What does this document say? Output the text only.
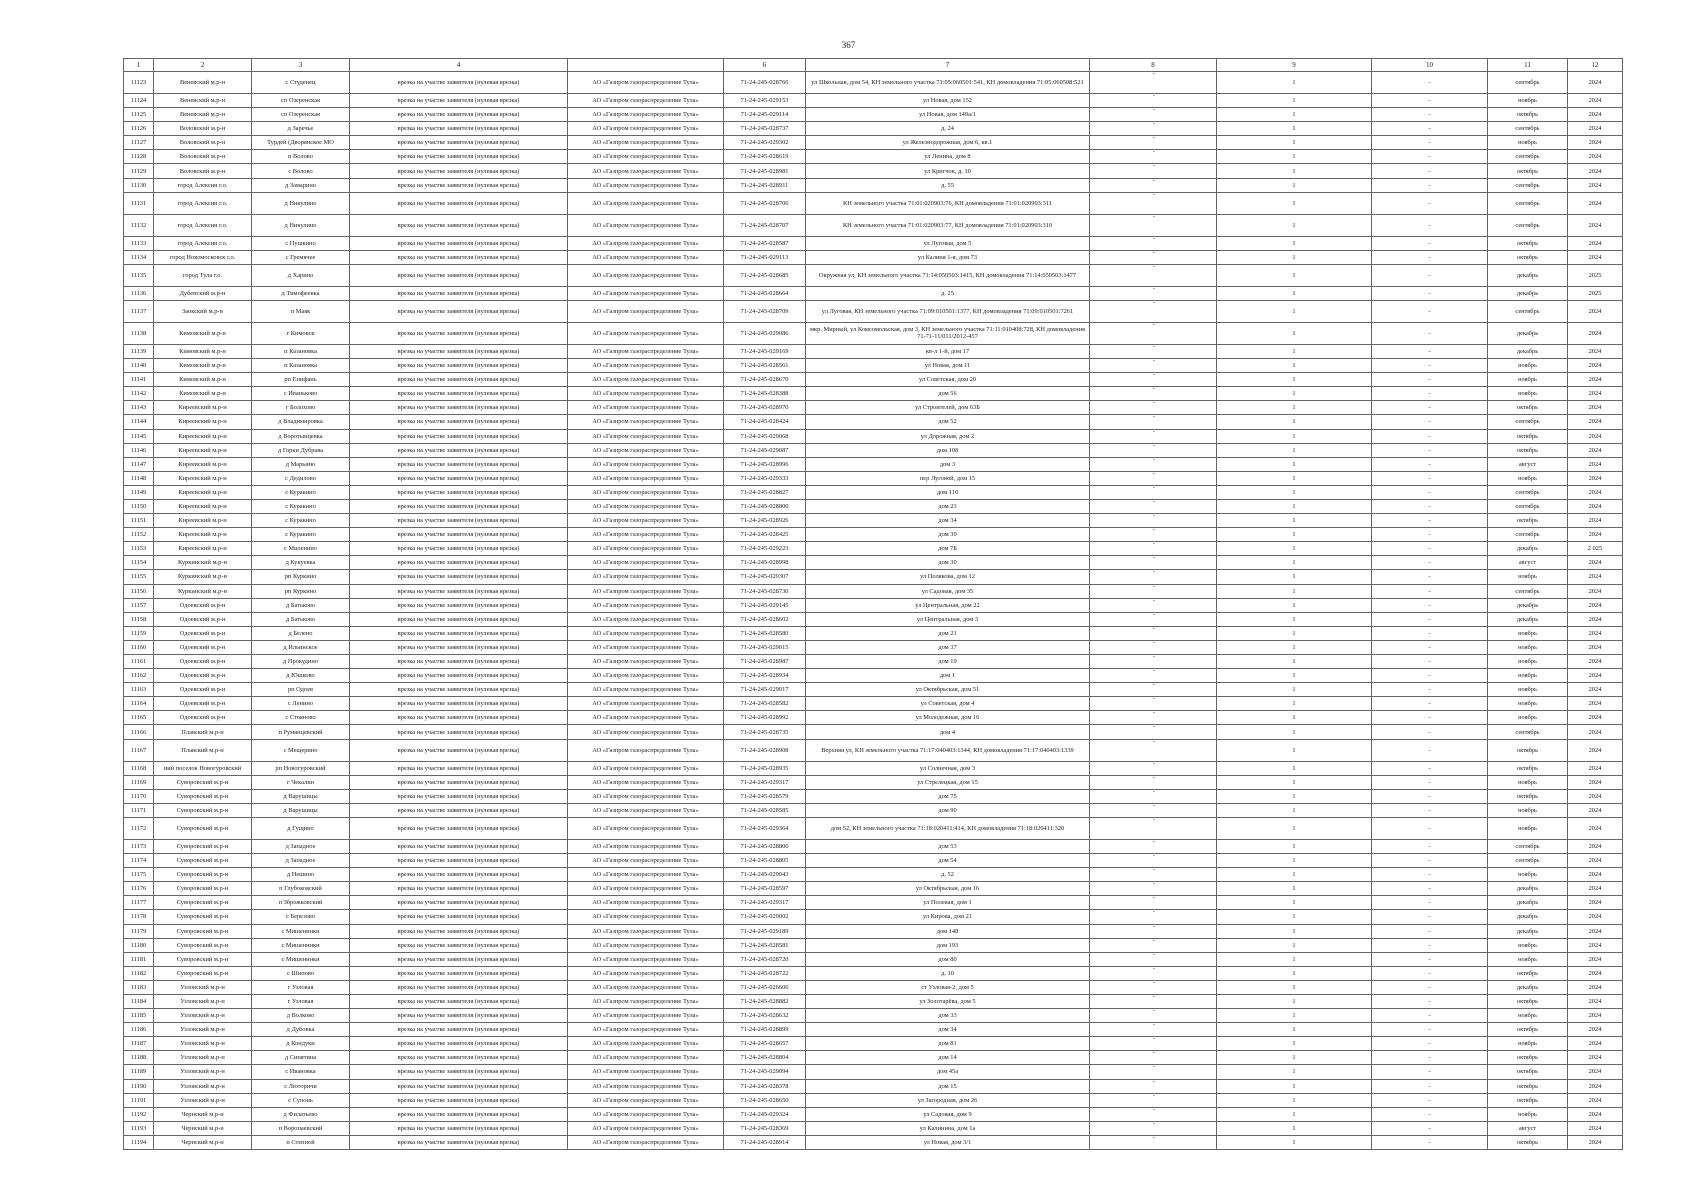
367
1	2	3	4		6	7	8	9	10	11	12
11123	Веневский м.р-н	с Студенец	врезка на участке заявителя (нулевая врезка)	АО «Газпром газораспределение Тула»	71-24-245-028766	ул Школьная, дом 54, КН земельного участка 71:05:060501:541, КН домовладения 71:05:060508:521	-	1	-	сентябрь	2024
11124	Веневский м.р-н	сп Озеренская	врезка на участке заявителя (нулевая врезка)	АО «Газпром газораспределение Тула»	71-24-245-029153	ул Новая, дом 152	-	1	-	ноябрь	2024
11125	Веневский м.р-н	сп Озеренская	врезка на участке заявителя (нулевая врезка)	АО «Газпром газораспределение Тула»	71-24-245-029114	ул Новая, дом 149а/1	-	1	-	октябрь	2024
11126	Воловский м.р-н	д Заречье	врезка на участке заявителя (нулевая врезка)	АО «Газпром газораспределение Тула»	71-24-245-028737	д. 24	-	1	-	сентябрь	2024
11127	Воловский м.р-н	Турдей (Дворянское МО	врезка на участке заявителя (нулевая врезка)	АО «Газпром газораспределение Тула»	71-24-245-029302	ул Железнодорожная, дом 6, кв.1	-	1	-	ноябрь	2024
11128	Воловский м.р-н	п Волово	врезка на участке заявителя (нулевая врезка)	АО «Газпром газораспределение Тула»	71-24-245-028619	ул Ленина, дом 8	-	1	-	сентябрь	2024
11129	Воловский м.р-н	с Волово	врезка на участке заявителя (нулевая врезка)	АО «Газпром газораспределение Тула»	71-24-245-028981	ул Кригчок, д. 10	-	1	-	октябрь	2024
11130	город Алексин г.о.	д Замарино	врезка на участке заявителя (нулевая врезка)	АО «Газпром газораспределение Тула»	71-24-245-028911	д. 55	-	1	-	сентябрь	2024
11131	город Алексин г.о.	д Никулино	врезка на участке заявителя (нулевая врезка)	АО «Газпром газораспределение Тула»	71-24-245-028706	КН земельного участка 71:01:020903:76, КН домовладения 71:01:020903:311	-	1	-	сентябрь	2024
11132	город Алексин г.о.	д Никулино	врезка на участке заявителя (нулевая врезка)	АО «Газпром газораспределение Тула»	71-24-245-028707	КН земельного участка 71:01:020903:77, КН домовладения 71:01:020903:310	-	1	-	сентябрь	2024
11133	город Алексин г.о.	с Пушкино	врезка на участке заявителя (нулевая врезка)	АО «Газпром газораспределение Тула»	71-24-245-028587	ул Луговая, дом 5	-	1	-	октябрь	2024
11134	город Новомосковск г.о.	с Гремячее	врезка на участке заявителя (нулевая врезка)	АО «Газпром газораспределение Тула»	71-24-245-029113	ул Калиня 1-я, дом 73	-	1	-	октябрь	2024
11135	город Тула г.о.	д Харино	врезка на участке заявителя (нулевая врезка)	АО «Газпром газораспределение Тула»	71-24-245-028685	Окружная ул, КН земельного участка 71:14:050503:1415, КН домовладения 71:14:050503:1477	-	1	-	декабрь	2025
11136	Дубенский м.р-н	д Тимофеевка	врезка на участке заявителя (нулевая врезка)	АО «Газпром газораспределение Тула»	71-24-245-028664	д. 25	-	1	-	декабрь	2025
11137	Заокский м.р-н	п Маяк	врезка на участке заявителя (нулевая врезка)	АО «Газпром газораспределение Тула»	71-24-245-028709	ул Луговая, КН земельного участка 71:09:010501:1377, КН домовладения 71:09:010501:7261	-	1	-	сентябрь	2024
11138	Кимовский м.р-н	г Кимовск	врезка на участке заявителя (нулевая врезка)	АО «Газпром газораспределение Тула»	71-24-245-029086	мкр. Мирный, ул Комсомольская, дом 3, КН земельного участка 71:11:010408:728, КН домовладения 71-71-11/011/2012-457	-	1	-	декабрь	2024
11139	Кимовский м.р-н	п Казановка	врезка на участке заявителя (нулевая врезка)	АО «Газпром газораспределение Тула»	71-24-245-029169	кв-л 1-й, дом 17	-	1	-	декабрь	2024
11140	Кимовский м.р-н	п Казановка	врезка на участке заявителя (нулевая врезка)	АО «Газпром газораспределение Тула»	71-24-245-028561	ул Новая, дом 11	-	1	-	ноябрь	2024
11141	Кимовский м.р-н	рп Епифань	врезка на участке заявителя (нулевая врезка)	АО «Газпром газораспределение Тула»	71-24-245-028670	ул Советская, дом 20	-	1	-	ноябрь	2024
11142	Кимовский м.р-н	с Иваньково	врезка на участке заявителя (нулевая врезка)	АО «Газпром газораспределение Тула»	71-24-245-028388	дом 56	-	1	-	ноябрь	2024
11143	Киреевский м.р-н	г Болохово	врезка на участке заявителя (нулевая врезка)	АО «Газпром газораспределение Тула»	71-24-245-028970	ул Строителей, дом 63Б	-	1	-	октябрь	2024
11144	Киреевский м.р-н	д Владимировка	врезка на участке заявителя (нулевая врезка)	АО «Газпром газораспределение Тула»	71-24-245-028424	дом 52	-	1	-	сентябрь	2024
11145	Киреевский м.р-н	д Воротынцевка	врезка на участке заявителя (нулевая врезка)	АО «Газпром газораспределение Тула»	71-24-245-029068	ул Дорожная, дом 2	-	1	-	октябрь	2024
11146	Киреевский м.р-н	д Горки Дубрава	врезка на участке заявителя (нулевая врезка)	АО «Газпром газораспределение Тула»	71-24-245-029087	дом 108	-	1	-	октябрь	2024
11147	Киреевский м.р-н	д Марьино	врезка на участке заявителя (нулевая врезка)	АО «Газпром газораспределение Тула»	71-24-245-028996	дом 3	-	1	-	август	2024
11148	Киреевский м.р-н	с Дедилово	врезка на участке заявителя (нулевая врезка)	АО «Газпром газораспределение Тула»	71-24-245-029333	пер Луговой, дом 15	-	1	-	ноябрь	2024
11149	Киреевский м.р-н	с Куракино	врезка на участке заявителя (нулевая врезка)	АО «Газпром газораспределение Тула»	71-24-245-028827	дом 110	-	1	-	сентябрь	2024
11150	Киреевский м.р-н	с Куракино	врезка на участке заявителя (нулевая врезка)	АО «Газпром газораспределение Тула»	71-24-245-028800	дом 23	-	1	-	сентябрь	2024
11151	Киреевский м.р-н	с Куракино	врезка на участке заявителя (нулевая врезка)	АО «Газпром газораспределение Тула»	71-24-245-028926	дом 34	-	1	-	октябрь	2024
11152	Киреевский м.р-н	с Куракино	врезка на участке заявителя (нулевая врезка)	АО «Газпром газораспределение Тула»	71-24-245-028425	дом 39	-	1	-	сентябрь	2024
11153	Киреевский м.р-н	с Миленино	врезка на участке заявителя (нулевая врезка)	АО «Газпром газораспределение Тула»	71-24-245-029223	дом 7Б	-	1	-	декабрь	2 025
11154	Куркинский м.р-н	д Кукуевка	врезка на участке заявителя (нулевая врезка)	АО «Газпром газораспределение Тула»	71-24-245-028998	дом 30	-	1	-	август	2024
11155	Куркинский м.р-н	рп Куркино	врезка на участке заявителя (нулевая врезка)	АО «Газпром газораспределение Тула»	71-24-245-029307	ул Полякова, дом 12	-	1	-	ноябрь	2024
11156	Куркинский м.р-н	рп Куркино	врезка на участке заявителя (нулевая врезка)	АО «Газпром газораспределение Тула»	71-24-245-028730	ул Садовая, дом 35	-	1	-	сентябрь	2024
11157	Одоевский м.р-н	д Батьково	врезка на участке заявителя (нулевая врезка)	АО «Газпром газораспределение Тула»	71-24-245-029145	ул Центральная, дом 22	-	1	-	декабрь	2024
11158	Одоевский м.р-н	д Батьково	врезка на участке заявителя (нулевая врезка)	АО «Газпром газораспределение Тула»	71-24-245-028602	ул Центральная, дом 3	-	1	-	декабрь	2024
11159	Одоевский м.р-н	д Белено	врезка на участке заявителя (нулевая врезка)	АО «Газпром газораспределение Тула»	71-24-245-028580	дом 21	-	1	-	ноябрь	2024
11160	Одоевский м.р-н	д Ильинское	врезка на участке заявителя (нулевая врезка)	АО «Газпром газораспределение Тула»	71-24-245-029015	дом 37	-	1	-	ноябрь	2024
11161	Одоевский м.р-н	д Прокудино	врезка на участке заявителя (нулевая врезка)	АО «Газпром газораспределение Тула»	71-24-245-028987	дом 19	-	1	-	ноябрь	2024
11162	Одоевский м.р-н	д Юшково	врезка на участке заявителя (нулевая врезка)	АО «Газпром газораспределение Тула»	71-24-245-028934	дом 1	-	1	-	ноябрь	2024
11163	Одоевский м.р-н	рп Одоев	врезка на участке заявителя (нулевая врезка)	АО «Газпром газораспределение Тула»	71-24-245-029017	ул Октябрьская, дом 51	-	1	-	ноябрь	2024
11164	Одоевский м.р-н	с Ленино	врезка на участке заявителя (нулевая врезка)	АО «Газпром газораспределение Тула»	71-24-245-028582	ул Советская, дом 4	-	1	-	ноябрь	2024
11165	Одоевский м.р-н	с Стояново	врезка на участке заявителя (нулевая врезка)	АО «Газпром газораспределение Тула»	71-24-245-028992	ул Молодежная, дом 16	-	1	-	ноябрь	2024
11166	Плавский м.р-н	п Румянцевский	врезка на участке заявителя (нулевая врезка)	АО «Газпром газораспределение Тула»	71-24-245-028735	дом 4	-	1	-	сентябрь	2024
11167	Плавский м.р-н	с Мещерино	врезка на участке заявителя (нулевая врезка)	АО «Газпром газораспределение Тула»	71-24-245-028908	Верхняя ул, КН земельного участка 71:17:040403:1344, КН домовладения 71:17:040403:1339	-	1	-	октябрь	2024
11168	ний поселок Новогуровский	рп Новогуровский	врезка на участке заявителя (нулевая врезка)	АО «Газпром газораспределение Тула»	71-24-245-028935	ул Солнечная, дом 3	-	1	-	октябрь	2024
11169	Суворовский м.р-н	г Чекалин	врезка на участке заявителя (нулевая врезка)	АО «Газпром газораспределение Тула»	71-24-245-029317	ул Стрелецкая, дом 15	-	1	-	ноябрь	2024
11170	Суворовский м.р-н	д Варушицы	врезка на участке заявителя (нулевая врезка)	АО «Газпром газораспределение Тула»	71-24-245-028579	дом 75	-	1	-	октябрь	2024
11171	Суворовский м.р-н	д Варушицы	врезка на участке заявителя (нулевая врезка)	АО «Газпром газораспределение Тула»	71-24-245-028585	дом 90	-	1	-	ноябрь	2024
11172	Суворовский м.р-н	д Гущино	врезка на участке заявителя (нулевая врезка)	АО «Газпром газораспределение Тула»	71-24-245-029364	дом 52, КН земельного участка 71:18:020411:414, КН домовладения 71:18:020411:320	-	1	-	ноябрь	2024
11173	Суворовский м.р-н	д Западное	врезка на участке заявителя (нулевая врезка)	АО «Газпром газораспределение Тула»	71-24-245-028806	дом 53	-	1	-	сентябрь	2024
11174	Суворовский м.р-н	д Западное	врезка на участке заявителя (нулевая врезка)	АО «Газпром газораспределение Тула»	71-24-245-028805	дом 54	-	1	-	сентябрь	2024
11175	Суворовский м.р-н	д Нешино	врезка на участке заявителя (нулевая врезка)	АО «Газпром газораспределение Тула»	71-24-245-029043	д. 52	-	1	-	ноябрь	2024
11176	Суворовский м.р-н	п Глубоковский	врезка на участке заявителя (нулевая врезка)	АО «Газпром газораспределение Тула»	71-24-245-028597	ул Октябрьская, дом 16	-	1	-	декабрь	2024
11177	Суворовский м.р-н	п Зброжковский	врезка на участке заявителя (нулевая врезка)	АО «Газпром газораспределение Тула»	71-24-245-029317	ул Полевая, дом 1	-	1	-	декабрь	2024
11178	Суворовский м.р-н	с Березово	врезка на участке заявителя (нулевая врезка)	АО «Газпром газораспределение Тула»	71-24-245-029002	ул Кирова, дом 21	-	1	-	декабрь	2024
11179	Суворовский м.р-н	с Мишенинки	врезка на участке заявителя (нулевая врезка)	АО «Газпром газораспределение Тула»	71-24-245-029189	дом 148	-	1	-	декабрь	2024
11180	Суворовский м.р-н	с Мишенинки	врезка на участке заявителя (нулевая врезка)	АО «Газпром газораспределение Тула»	71-24-245-028581	дом 193	-	1	-	ноябрь	2024
11181	Суворовский м.р-н	с Мишенинки	врезка на участке заявителя (нулевая врезка)	АО «Газпром газораспределение Тула»	71-24-245-028720	дом 80	-	1	-	ноябрь	2024
11182	Суворовский м.р-н	с Шипово	врезка на участке заявителя (нулевая врезка)	АО «Газпром газораспределение Тула»	71-24-245-028722	д. 10	-	1	-	октябрь	2024
11183	Узловский м.р-н	г Узловая	врезка на участке заявителя (нулевая врезка)	АО «Газпром газораспределение Тула»	71-24-245-026606	ст Узловая-2, дом 5	-	1	-	декабрь	2024
11184	Узловский м.р-н	г Узловая	врезка на участке заявителя (нулевая врезка)	АО «Газпром газораспределение Тула»	71-24-245-028882	ул Золотарёва, дом 5	-	1	-	октябрь	2024
11185	Узловский м.р-н	д Волково	врезка на участке заявителя (нулевая врезка)	АО «Газпром газораспределение Тула»	71-24-245-028632	дом 33	-	1	-	ноябрь	2024
11186	Узловский м.р-н	д Дубовка	врезка на участке заявителя (нулевая врезка)	АО «Газпром газораспределение Тула»	71-24-245-028899	дом 34	-	1	-	октябрь	2024
11187	Узловский м.р-н	д Кондуки	врезка на участке заявителя (нулевая врезка)	АО «Газпром газораспределение Тула»	71-24-245-028657	дом 81	-	1	-	ноябрь	2024
11188	Узловский м.р-н	д Синятина	врезка на участке заявителя (нулевая врезка)	АО «Газпром газораспределение Тула»	71-24-245-028804	дом 14	-	1	-	октябрь	2024
11189	Узловский м.р-н	с Ивановка	врезка на участке заявителя (нулевая врезка)	АО «Газпром газораспределение Тула»	71-24-245-029094	дом 45а	-	1	-	октябрь	2024
11190	Узловский м.р-н	с Люторичи	врезка на участке заявителя (нулевая врезка)	АО «Газпром газораспределение Тула»	71-24-245-028378	дом 15	-	1	-	октябрь	2024
11191	Узловский м.р-н	с Супонь	врезка на участке заявителя (нулевая врезка)	АО «Газпром газораспределение Тула»	71-24-245-028650	ул Загородная, дом 26	-	1	-	октябрь	2024
11192	Чернский м.р-н	д Филатьево	врезка на участке заявителя (нулевая врезка)	АО «Газпром газораспределение Тула»	71-24-245-029324	ул Садовая, дом 9	-	1	-	ноябрь	2024
11193	Чернский м.р-н	п Воропаевский	врезка на участке заявителя (нулевая врезка)	АО «Газпром газораспределение Тула»	71-24-245-028369	ул Калинина, дом 1а	-	1	-	август	2024
11194	Чернский м.р-н	п Степной	врезка на участке заявителя (нулевая врезка)	АО «Газпром газораспределение Тула»	71-24-245-028914	ул Новая, дом 3/1	-	1	-	октябрь	2024
